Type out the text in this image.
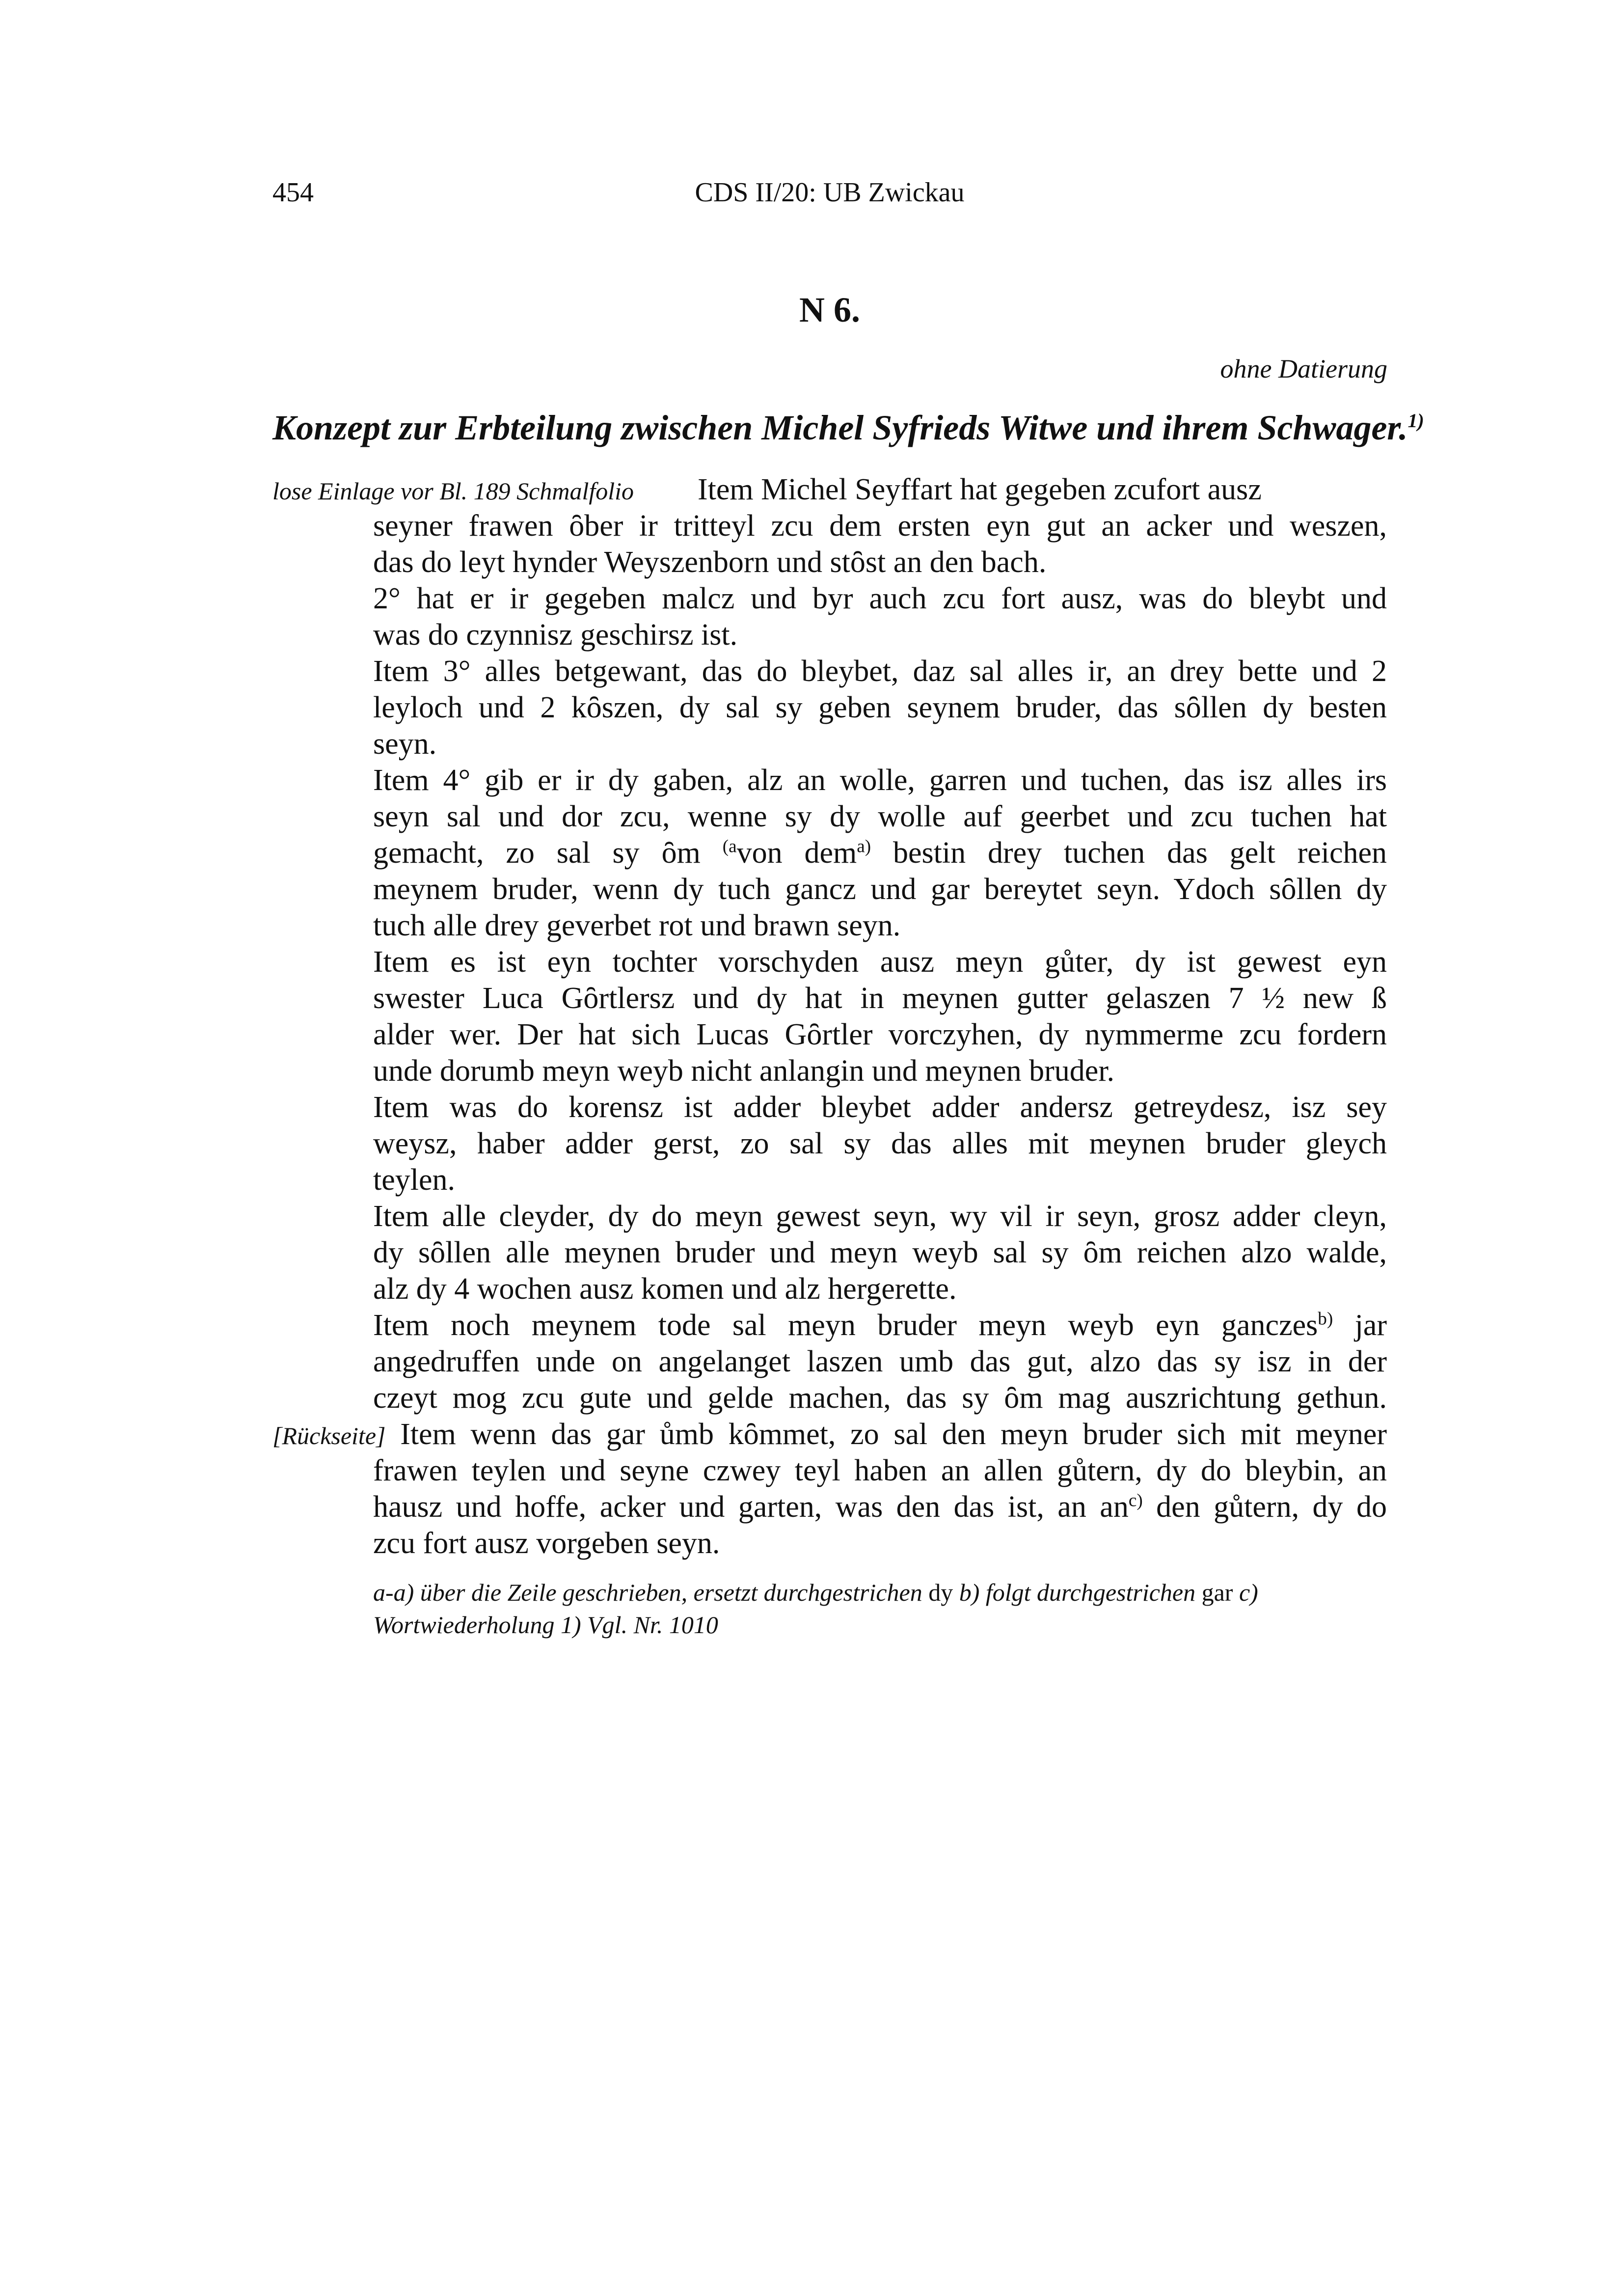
454	CDS II/20: UB Zwickau
N 6.
ohne Datierung
Konzept zur Erbteilung zwischen Michel Syfrieds Witwe und ihrem Schwager.$^{1)}$
lose Einlage vor Bl. 189 Schmalfolio Item Michel Seyffart hat gegeben zcufort ausz
seyner frawen ȏber ir tritteyl zcu dem ersten eyn gut an acker und weszen,
das do leyt hynder Weyszenborn und stȏst an den bach.
2° hat er ir gegeben malcz und byr auch zcu fort ausz, was do bleybt und
was do czynnisz geschirsz ist.
Item 3° alles betgewant, das do bleybet, daz sal alles ir, an drey bette und 2
leyloch und 2 kȏszen, dy sal sy geben seynem bruder, das sȏllen dy besten
seyn.
Item 4° gib er ir dy gaben, alz an wolle, garren und tuchen, das isz alles irs
seyn sal und dor zcu, wenne sy dy wolle auf geerbet und zcu tuchen hat
gemacht, zo sal sy ȏm $^{(a}$von dem$^{a)}$ bestin drey tuchen das gelt reichen
meynem bruder, wenn dy tuch gancz und gar bereytet seyn. Ydoch sȏllen dy
tuch alle drey geverbet rot und brawn seyn.
Item es ist eyn tochter vorschyden ausz meyn gůter, dy ist gewest eyn
swester Luca Gȏrtlersz und dy hat in meynen gutter gelaszen 7 ½ new ß
alder wer. Der hat sich Lucas Gȏrtler vorczyhen, dy nymmerme zcu fordern
unde dorumb meyn weyb nicht anlangin und meynen bruder.
Item was do korensz ist adder bleybet adder andersz getreydesz, isz sey
weysz, haber adder gerst, zo sal sy das alles mit meynen bruder gleych
teylen.
Item alle cleyder, dy do meyn gewest seyn, wy vil ir seyn, grosz adder cleyn,
dy sȏllen alle meynen bruder und meyn weyb sal sy ȏm reichen alzo walde,
alz dy 4 wochen ausz komen und alz hergerette.
Item noch meynem tode sal meyn bruder meyn weyb eyn ganczes$^{b)}$ jar
angedruffen unde on angelanget laszen umb das gut, alzo das sy isz in der
czeyt mog zcu gute und gelde machen, das sy ȏm mag auszrichtung gethun.
[Rückseite] Item wenn das gar ůmb kȏmmet, zo sal den meyn bruder sich mit meyner
frawen teylen und seyne czwey teyl haben an allen gůtern, dy do bleybin, an
hausz und hoffe, acker und garten, was den das ist, an $an^{c)}$ den gůtern, dy do
zcu fort ausz vorgeben seyn.
a-a) über die Zeile geschrieben, ersetzt durchgestrichen dy b) folgt durchgestrichen gar c)
Wortwiederholung 1) Vgl. Nr. 1010
